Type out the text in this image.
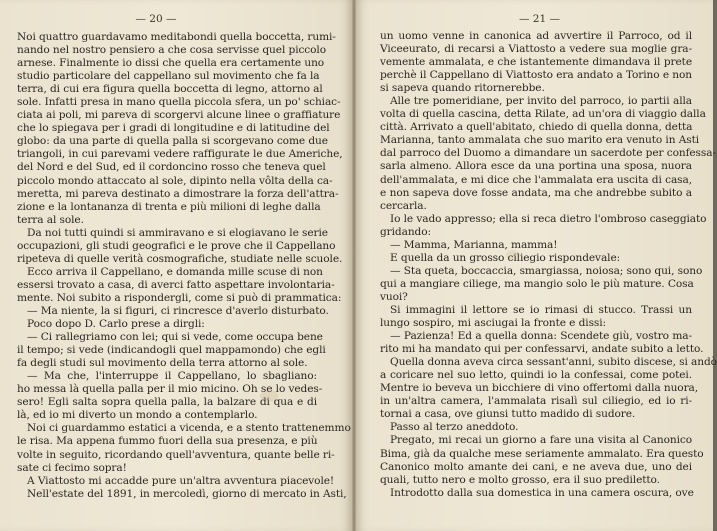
— 20 —
Noi quattro guardavamo meditabondi quella boccetta, rumi-
nando nel nostro pensiero a che cosa servisse quel piccolo
arnese. Finalmente io dissi che quella era certamente uno
studio particolare del cappellano sul movimento che fa la
terra, di cui era figura quella boccetta di legno, attorno al
sole. Infatti presa in mano quella piccola sfera, un po' schiac-
ciata ai poli, mi pareva di scorgervi alcune linee o graffiature
che lo spiegava per i gradi di longitudine e di latitudine del
globo: da una parte di quella palla si scorgevano come due
triangoli, in cui parevami vedere raffigurate le due Americhe,
del Nord e del Sud, ed il cordoncino rosso che teneva quel
piccolo mondo attaccato al sole, dipinto nella vôlta della ca-
meretta, mi pareva destinato a dimostrare la forza dell'attra-
zione e la lontananza di trenta e più milioni di leghe dalla
terra al sole.
Da noi tutti quindi si ammiravano e si elogiavano le serie
occupazioni, gli studi geografici e le prove che il Cappellano
ripeteva di quelle verità cosmografiche, studiate nelle scuole.
Ecco arriva il Cappellano, e domanda mille scuse di non
essersi trovato a casa, di averci fatto aspettare involontaria-
mente. Noi subito a rispondergli, come si può di prammatica:
— Ma niente, la si figuri, ci rincresce d'averlo disturbato.
Poco dopo D. Carlo prese a dirgli:
— Ci rallegriamo con lei; qui si vede, come occupa bene
il tempo; si vede (indicandogli quel mappamondo) che egli
fa degli studi sul movimento della terra attorno al sole.
— Ma che, l'interruppe il Cappellano, lo sbagliano:
ho messa là quella palla per il mio micino. Oh se lo vedes-
sero! Egli salta sopra quella palla, la balzare di qua e di
là, ed io mi diverto un mondo a contemplarlo.
Noi ci guardammo estatici a vicenda, e a stento trattenemmo
le risa. Ma appena fummo fuori della sua presenza, e più
volte in seguito, ricordando quell'avventura, quante belle ri-
sate ci fecimo sopra!
A Viattosto mi accadde pure un'altra avventura piacevole!
Nell'estate del 1891, in mercoledì, giorno di mercato in Asti,
— 21 —
un uomo venne in canonica ad avvertire il Parroco, od il
Viceeurato, di recarsi a Viattosto a vedere sua moglie gra-
vemente ammalata, e che istantemente dimandava il prete
perchè il Cappellano di Viattosto era andato a Torino e non
si sapeva quando ritornerebbe.
Alle tre pomeridiane, per invito del parroco, io partii alla
volta di quella cascina, detta Rilate, ad un'ora di viaggio dalla
città. Arrivato a quell'abitato, chiedo di quella donna, detta
Marianna, tanto ammalata che suo marito era venuto in Asti
dal parroco del Duomo a dimandare un sacerdote per confessa-
sarla almeno. Allora esce da una portina una sposa, nuora
dell'ammalata, e mi dice che l'ammalata era uscita di casa,
e non sapeva dove fosse andata, ma che andrebbe subito a
cercarla.
Io le vado appresso; ella si reca dietro l'ombroso caseggiato
gridando:
— Mamma, Marianna, mamma!
E quella da un grosso ciliegio rispondevale:
— Sta queta, boccaccia, smargiassa, noiosa; sono qui, sono
qui a mangiare ciliege, ma mangio solo le più mature. Cosa
vuoi?
Si immagini il lettore se io rimasi di stucco. Trassi un
lungo sospiro, mi asciugai la fronte e dissi:
— Pazienza! Ed a quella donna: Scendete giù, vostro ma-
rito mi ha mandato qui per confessarvi, andate subito a letto.
Quella donna aveva circa sessant'anni, subito discese, si andò
a coricare nel suo letto, quindi io la confessai, come potei.
Mentre io beveva un bicchiere di vino offertomi dalla nuora,
in un'altra camera, l'ammalata risalì sul ciliegio, ed io ri-
tornai a casa, ove giunsi tutto madido di sudore.
Passo al terzo aneddoto.
Pregato, mi recai un giorno a fare una visita al Canonico
Bima, già da qualche mese seriamente ammalato. Era questo
Canonico molto amante dei cani, e ne aveva due, uno dei
quali, tutto nero e molto grosso, era il suo prediletto.
Introdotto dalla sua domestica in una camera oscura, ove
